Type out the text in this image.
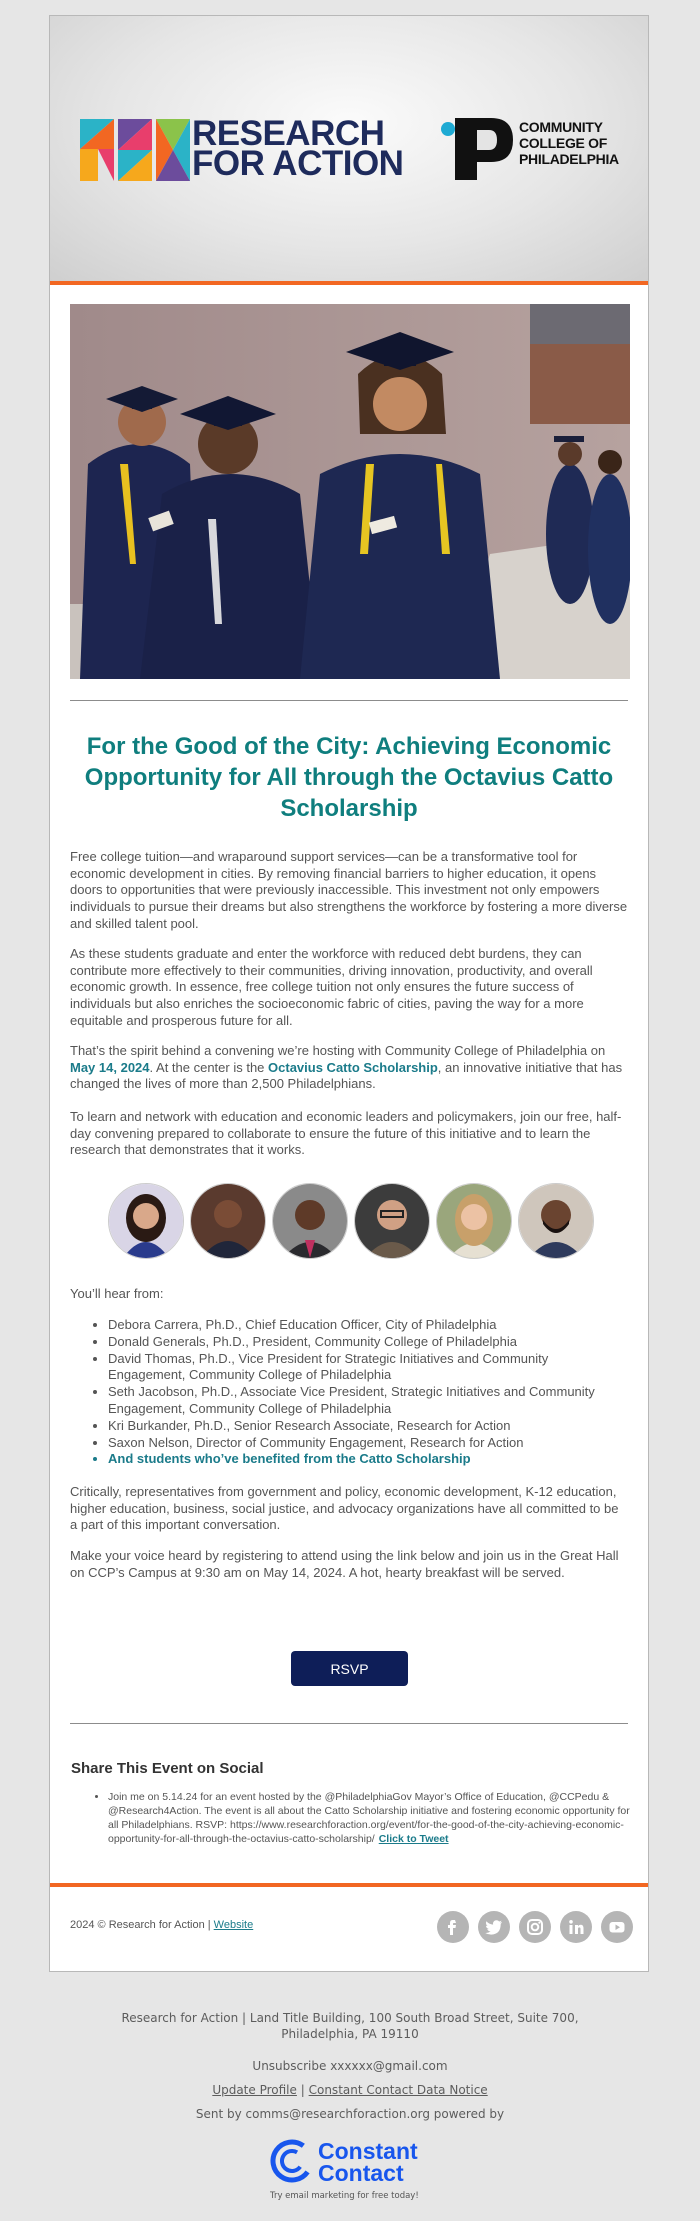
RESEARCH
FOR ACTION
COMMUNITY
COLLEGE OF
PHILADELPHIA
For the Good of the City: Achieving Economic Opportunity for All through the Octavius Catto Scholarship

Free college tuition—and wraparound support services—can be a transformative tool for economic development in cities. By removing financial barriers to higher education, it opens doors to opportunities that were previously inaccessible. This investment not only empowers individuals to pursue their dreams but also strengthens the workforce by fostering a more diverse and skilled talent pool.

As these students graduate and enter the workforce with reduced debt burdens, they can contribute more effectively to their communities, driving innovation, productivity, and overall economic growth. In essence, free college tuition not only ensures the future success of individuals but also enriches the socioeconomic fabric of cities, paving the way for a more equitable and prosperous future for all.

That’s the spirit behind a convening we’re hosting with Community College of Philadelphia on May 14, 2024. At the center is the Octavius Catto Scholarship, an innovative initiative that has changed the lives of more than 2,500 Philadelphians.

To learn and network with education and economic leaders and policymakers, join our free, half-day convening prepared to collaborate to ensure the future of this initiative and to learn the research that demonstrates that it works.

You’ll hear from:

• Debora Carrera, Ph.D., Chief Education Officer, City of Philadelphia
• Donald Generals, Ph.D., President, Community College of Philadelphia
• David Thomas, Ph.D., Vice President for Strategic Initiatives and Community Engagement, Community College of Philadelphia
• Seth Jacobson, Ph.D., Associate Vice President, Strategic Initiatives and Community Engagement, Community College of Philadelphia
• Kri Burkander, Ph.D., Senior Research Associate, Research for Action
• Saxon Nelson, Director of Community Engagement, Research for Action
• And students who’ve benefited from the Catto Scholarship

Critically, representatives from government and policy, economic development, K-12 education, higher education, business, social justice, and advocacy organizations have all committed to be a part of this important conversation.

Make your voice heard by registering to attend using the link below and join us in the Great Hall on CCP’s Campus at 9:30 am on May 14, 2024. A hot, hearty breakfast will be served.

RSVP
Share This Event on Social
• Join me on 5.14.24 for an event hosted by the @PhiladelphiaGov Mayor’s Office of Education, @CCPedu & @Research4Action. The event is all about the Catto Scholarship initiative and fostering economic opportunity for all Philadelphians. RSVP: https://www.researchforaction.org/event/for-the-good-of-the-city-achieving-economic-opportunity-for-all-through-the-octavius-catto-scholarship/ Click to Tweet
2024 © Research for Action | Website
Research for Action | Land Title Building, 100 South Broad Street, Suite 700,
Philadelphia, PA 19110
Unsubscribe xxxxxx@gmail.com
Update Profile | Constant Contact Data Notice
Sent by comms@researchforaction.org powered by
Constant
Contact
Try email marketing for free today!
